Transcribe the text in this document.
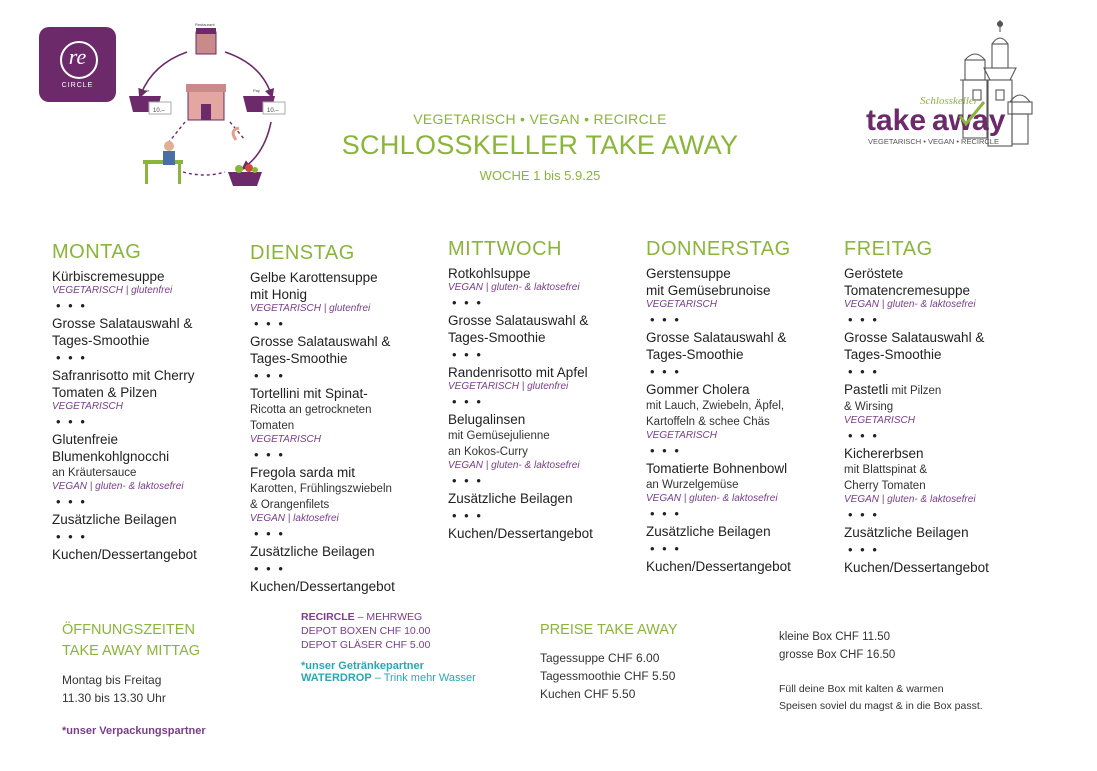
re
CIRCLE
10.–
Kaufe
10.–
Pay
Restaurant
VEGETARISCH • VEGAN • RECIRCLE
SCHLOSSKELLER TAKE AWAY
WOCHE 1 bis 5.9.25
Schlosskeller
take away
VEGETARISCH • VEGAN • RECIRCLE
MONTAG
Kürbiscremesuppe
VEGETARISCH | glutenfrei
• • •
Grosse Salatauswahl &
Tages-Smoothie
• • •
Safranrisotto mit Cherry
Tomaten & Pilzen
VEGETARISCH
• • •
Glutenfreie
Blumenkohlgnocchi
an Kräutersauce
VEGAN | gluten- & laktosefrei
• • •
Zusätzliche Beilagen
• • •
Kuchen/Dessertangebot
DIENSTAG
Gelbe Karottensuppe
mit Honig
VEGETARISCH | glutenfrei
• • •
Grosse Salatauswahl &
Tages-Smoothie
• • •
Tortellini mit Spinat-
Ricotta an getrockneten
Tomaten
VEGETARISCH
• • •
Fregola sarda mit
Karotten, Frühlingszwiebeln
& Orangenfilets
VEGAN | laktosefrei
• • •
Zusätzliche Beilagen
• • •
Kuchen/Dessertangebot
MITTWOCH
Rotkohlsuppe
VEGAN | gluten- & laktosefrei
• • •
Grosse Salatauswahl &
Tages-Smoothie
• • •
Randenrisotto mit Apfel
VEGETARISCH | glutenfrei
• • •
Belugalinsen
mit Gemüsejulienne
an Kokos-Curry
VEGAN | gluten- & laktosefrei
• • •
Zusätzliche Beilagen
• • •
Kuchen/Dessertangebot
DONNERSTAG
Gerstensuppe
mit Gemüsebrunoise
VEGETARISCH
• • •
Grosse Salatauswahl &
Tages-Smoothie
• • •
Gommer Cholera
mit Lauch, Zwiebeln, Äpfel,
Kartoffeln & schee Chäs
VEGETARISCH
• • •
Tomatierte Bohnenbowl
an Wurzelgemüse
VEGAN | gluten- & laktosefrei
• • •
Zusätzliche Beilagen
• • •
Kuchen/Dessertangebot
FREITAG
Geröstete
Tomatencremesuppe
VEGAN | gluten- & laktosefrei
• • •
Grosse Salatauswahl &
Tages-Smoothie
• • •
Pastetli mit Pilzen
& Wirsing
VEGETARISCH
• • •
Kichererbsen
mit Blattspinat &
Cherry Tomaten
VEGAN | gluten- & laktosefrei
• • •
Zusätzliche Beilagen
• • •
Kuchen/Dessertangebot
ÖFFNUNGSZEITEN
TAKE AWAY MITTAG
Montag bis Freitag
11.30 bis 13.30 Uhr
*unser Verpackungspartner
RECIRCLE – MEHRWEG
DEPOT BOXEN CHF 10.00
DEPOT GLÄSER CHF 5.00
*unser Getränkepartner
WATERDROP – Trink mehr Wasser
PREISE TAKE AWAY
Tagessuppe CHF 6.00
Tagessmoothie CHF 5.50
Kuchen CHF 5.50
kleine Box CHF 11.50
grosse Box CHF 16.50
Füll deine Box mit kalten & warmen
Speisen soviel du magst & in die Box passt.
